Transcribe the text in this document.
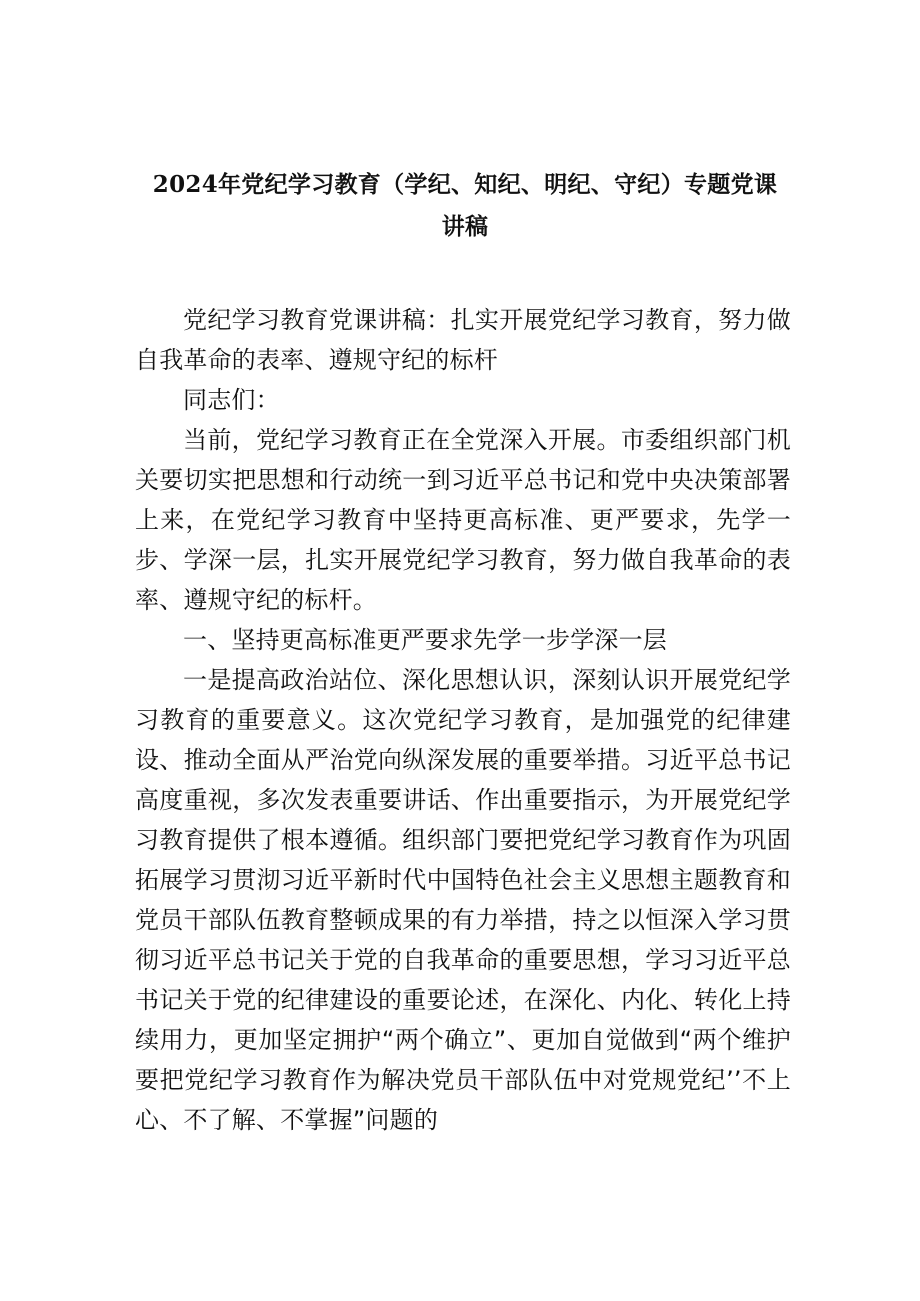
2024年党纪学习教育（学纪、知纪、明纪、守纪）专题党课
讲稿

党纪学习教育党课讲稿：扎实开展党纪学习教育，努力做自我革命的表率、遵规守纪的标杆

同志们：

当前，党纪学习教育正在全党深入开展。市委组织部门机关要切实把思想和行动统一到习近平总书记和党中央决策部署上来，在党纪学习教育中坚持更高标准、更严要求，先学一步、学深一层，扎实开展党纪学习教育，努力做自我革命的表率、遵规守纪的标杆。

一、坚持更高标准更严要求先学一步学深一层

一是提高政治站位、深化思想认识，深刻认识开展党纪学习教育的重要意义。这次党纪学习教育，是加强党的纪律建设、推动全面从严治党向纵深发展的重要举措。习近平总书记高度重视，多次发表重要讲话、作出重要指示，为开展党纪学习教育提供了根本遵循。组织部门要把党纪学习教育作为巩固拓展学习贯沏习近平新时代中国特色社会主义思想主题教育和党员干部队伍教育整顿成果的有力举措，持之以恒深入学习贯彻习近平总书记关于党的自我革命的重要思想，学习习近平总书记关于党的纪律建设的重要论述，在深化、内化、转化上持续用力，更加坚定拥护“两个确立”、更加自觉做到“两个维护要把党纪学习教育作为解决党员干部队伍中对党规党纪’’不上心、不了解、不掌握”问题的
